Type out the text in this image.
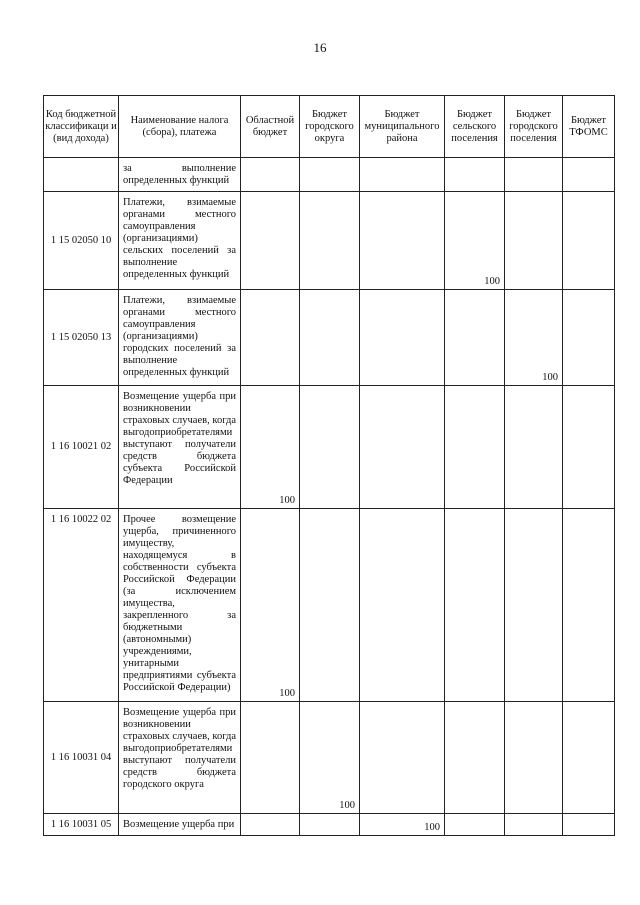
16
Код бюджетной классификаци и (вид дохода)	Наименование налога (сбора), платежа	Областной бюджет	Бюджет городского округа	Бюджет муниципального района	Бюджет сельского поселения	Бюджет городского поселения	Бюджет ТФОМС
	за выполнение определенных функций						
1 15 02050 10	Платежи, взимаемые органами местного самоуправления (организациями) сельских поселений за выполнение определенных функций				100		
1 15 02050 13	Платежи, взимаемые органами местного самоуправления (организациями) городских поселений за выполнение определенных функций					100	
1 16 10021 02	Возмещение ущерба при возникновении страховых случаев, когда выгодоприобретателями выступают получатели средств бюджета субъекта Российской Федерации	100					
1 16 10022 02	Прочее возмещение ущерба, причиненного имуществу, находящемуся в собственности субъекта Российской Федерации (за исключением имущества, закрепленного за бюджетными (автономными) учреждениями, унитарными предприятиями субъекта Российской Федерации)	100					
1 16 10031 04	Возмещение ущерба при возникновении страховых случаев, когда выгодоприобретателями выступают получатели средств бюджета городского округа		100				
1 16 10031 05	Возмещение ущерба при			100			
